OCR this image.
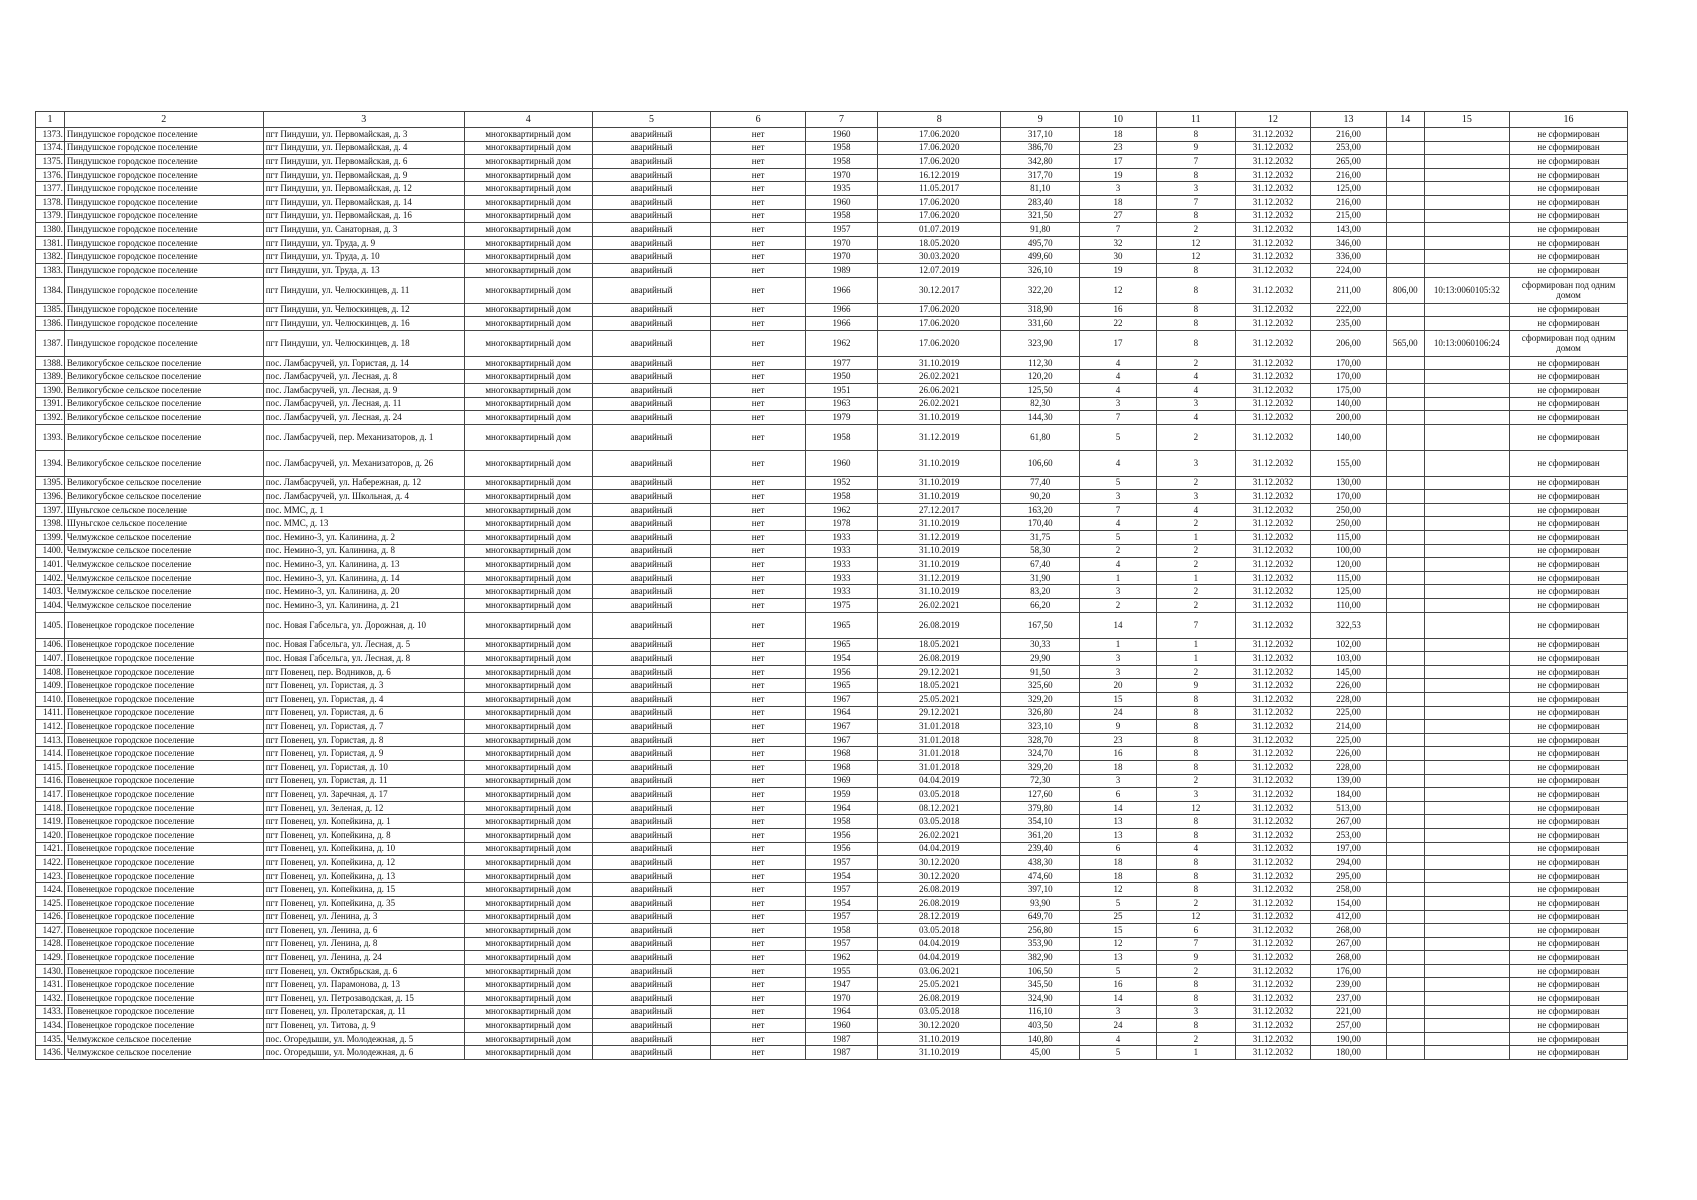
1	2	3	4	5	6	7	8	9	10	11	12	13	14	15	16
1373.	Пиндушское городское поселение	пгт Пиндуши, ул. Первомайская, д. 3	многоквартирный дом	аварийный	нет	1960	17.06.2020	317,10	18	8	31.12.2032	216,00			не сформирован
1374.	Пиндушское городское поселение	пгт Пиндуши, ул. Первомайская, д. 4	многоквартирный дом	аварийный	нет	1958	17.06.2020	386,70	23	9	31.12.2032	253,00			не сформирован
1375.	Пиндушское городское поселение	пгт Пиндуши, ул. Первомайская, д. 6	многоквартирный дом	аварийный	нет	1958	17.06.2020	342,80	17	7	31.12.2032	265,00			не сформирован
1376.	Пиндушское городское поселение	пгт Пиндуши, ул. Первомайская, д. 9	многоквартирный дом	аварийный	нет	1970	16.12.2019	317,70	19	8	31.12.2032	216,00			не сформирован
1377.	Пиндушское городское поселение	пгт Пиндуши, ул. Первомайская, д. 12	многоквартирный дом	аварийный	нет	1935	11.05.2017	81,10	3	3	31.12.2032	125,00			не сформирован
1378.	Пиндушское городское поселение	пгт Пиндуши, ул. Первомайская, д. 14	многоквартирный дом	аварийный	нет	1960	17.06.2020	283,40	18	7	31.12.2032	216,00			не сформирован
1379.	Пиндушское городское поселение	пгт Пиндуши, ул. Первомайская, д. 16	многоквартирный дом	аварийный	нет	1958	17.06.2020	321,50	27	8	31.12.2032	215,00			не сформирован
1380.	Пиндушское городское поселение	пгт Пиндуши, ул. Санаторная, д. 3	многоквартирный дом	аварийный	нет	1957	01.07.2019	91,80	7	2	31.12.2032	143,00			не сформирован
1381.	Пиндушское городское поселение	пгт Пиндуши, ул. Труда, д. 9	многоквартирный дом	аварийный	нет	1970	18.05.2020	495,70	32	12	31.12.2032	346,00			не сформирован
1382.	Пиндушское городское поселение	пгт Пиндуши, ул. Труда, д. 10	многоквартирный дом	аварийный	нет	1970	30.03.2020	499,60	30	12	31.12.2032	336,00			не сформирован
1383.	Пиндушское городское поселение	пгт Пиндуши, ул. Труда, д. 13	многоквартирный дом	аварийный	нет	1989	12.07.2019	326,10	19	8	31.12.2032	224,00			не сформирован
1384.	Пиндушское городское поселение	пгт Пиндуши, ул. Челюскинцев, д. 11	многоквартирный дом	аварийный	нет	1966	30.12.2017	322,20	12	8	31.12.2032	211,00	806,00	10:13:0060105:32	сформирован под одним домом
1385.	Пиндушское городское поселение	пгт Пиндуши, ул. Челюскинцев, д. 12	многоквартирный дом	аварийный	нет	1966	17.06.2020	318,90	16	8	31.12.2032	222,00			не сформирован
1386.	Пиндушское городское поселение	пгт Пиндуши, ул. Челюскинцев, д. 16	многоквартирный дом	аварийный	нет	1966	17.06.2020	331,60	22	8	31.12.2032	235,00			не сформирован
1387.	Пиндушское городское поселение	пгт Пиндуши, ул. Челюскинцев, д. 18	многоквартирный дом	аварийный	нет	1962	17.06.2020	323,90	17	8	31.12.2032	206,00	565,00	10:13:0060106:24	сформирован под одним домом
1388.	Великогубское сельское поселение	пос. Ламбасручей, ул. Гористая, д. 14	многоквартирный дом	аварийный	нет	1977	31.10.2019	112,30	4	2	31.12.2032	170,00			не сформирован
1389.	Великогубское сельское поселение	пос. Ламбасручей, ул. Лесная, д. 8	многоквартирный дом	аварийный	нет	1950	26.02.2021	120,20	4	4	31.12.2032	170,00			не сформирован
1390.	Великогубское сельское поселение	пос. Ламбасручей, ул. Лесная, д. 9	многоквартирный дом	аварийный	нет	1951	26.06.2021	125,50	4	4	31.12.2032	175,00			не сформирован
1391.	Великогубское сельское поселение	пос. Ламбасручей, ул. Лесная, д. 11	многоквартирный дом	аварийный	нет	1963	26.02.2021	82,30	3	3	31.12.2032	140,00			не сформирован
1392.	Великогубское сельское поселение	пос. Ламбасручей, ул. Лесная, д. 24	многоквартирный дом	аварийный	нет	1979	31.10.2019	144,30	7	4	31.12.2032	200,00			не сформирован
1393.	Великогубское сельское поселение	пос. Ламбасручей, пер. Механизаторов, д. 1	многоквартирный дом	аварийный	нет	1958	31.12.2019	61,80	5	2	31.12.2032	140,00			не сформирован
1394.	Великогубское сельское поселение	пос. Ламбасручей, ул. Механизаторов, д. 26	многоквартирный дом	аварийный	нет	1960	31.10.2019	106,60	4	3	31.12.2032	155,00			не сформирован
1395.	Великогубское сельское поселение	пос. Ламбасручей, ул. Набережная, д. 12	многоквартирный дом	аварийный	нет	1952	31.10.2019	77,40	5	2	31.12.2032	130,00			не сформирован
1396.	Великогубское сельское поселение	пос. Ламбасручей, ул. Школьная, д. 4	многоквартирный дом	аварийный	нет	1958	31.10.2019	90,20	3	3	31.12.2032	170,00			не сформирован
1397.	Шуньгское сельское поселение	пос. ММС, д. 1	многоквартирный дом	аварийный	нет	1962	27.12.2017	163,20	7	4	31.12.2032	250,00			не сформирован
1398.	Шуньгское сельское поселение	пос. ММС, д. 13	многоквартирный дом	аварийный	нет	1978	31.10.2019	170,40	4	2	31.12.2032	250,00			не сформирован
1399.	Челмужское сельское поселение	пос. Немино-3, ул. Калинина, д. 2	многоквартирный дом	аварийный	нет	1933	31.12.2019	31,75	5	1	31.12.2032	115,00			не сформирован
1400.	Челмужское сельское поселение	пос. Немино-3, ул. Калинина, д. 8	многоквартирный дом	аварийный	нет	1933	31.10.2019	58,30	2	2	31.12.2032	100,00			не сформирован
1401.	Челмужское сельское поселение	пос. Немино-3, ул. Калинина, д. 13	многоквартирный дом	аварийный	нет	1933	31.10.2019	67,40	4	2	31.12.2032	120,00			не сформирован
1402.	Челмужское сельское поселение	пос. Немино-3, ул. Калинина, д. 14	многоквартирный дом	аварийный	нет	1933	31.12.2019	31,90	1	1	31.12.2032	115,00			не сформирован
1403.	Челмужское сельское поселение	пос. Немино-3, ул. Калинина, д. 20	многоквартирный дом	аварийный	нет	1933	31.10.2019	83,20	3	2	31.12.2032	125,00			не сформирован
1404.	Челмужское сельское поселение	пос. Немино-3, ул. Калинина, д. 21	многоквартирный дом	аварийный	нет	1975	26.02.2021	66,20	2	2	31.12.2032	110,00			не сформирован
1405.	Повенецкое городское поселение	пос. Новая Габсельга, ул. Дорожная, д. 10	многоквартирный дом	аварийный	нет	1965	26.08.2019	167,50	14	7	31.12.2032	322,53			не сформирован
1406.	Повенецкое городское поселение	пос. Новая Габсельга, ул. Лесная, д. 5	многоквартирный дом	аварийный	нет	1965	18.05.2021	30,33	1	1	31.12.2032	102,00			не сформирован
1407.	Повенецкое городское поселение	пос. Новая Габсельга, ул. Лесная, д. 8	многоквартирный дом	аварийный	нет	1954	26.08.2019	29,90	3	1	31.12.2032	103,00			не сформирован
1408.	Повенецкое городское поселение	пгт Повенец, пер. Водников, д. 6	многоквартирный дом	аварийный	нет	1956	29.12.2021	91,50	3	2	31.12.2032	145,00			не сформирован
1409.	Повенецкое городское поселение	пгт Повенец, ул. Гористая, д. 3	многоквартирный дом	аварийный	нет	1965	18.05.2021	325,60	20	9	31.12.2032	226,00			не сформирован
1410.	Повенецкое городское поселение	пгт Повенец, ул. Гористая, д. 4	многоквартирный дом	аварийный	нет	1967	25.05.2021	329,20	15	8	31.12.2032	228,00			не сформирован
1411.	Повенецкое городское поселение	пгт Повенец, ул. Гористая, д. 6	многоквартирный дом	аварийный	нет	1964	29.12.2021	326,80	24	8	31.12.2032	225,00			не сформирован
1412.	Повенецкое городское поселение	пгт Повенец, ул. Гористая, д. 7	многоквартирный дом	аварийный	нет	1967	31.01.2018	323,10	9	8	31.12.2032	214,00			не сформирован
1413.	Повенецкое городское поселение	пгт Повенец, ул. Гористая, д. 8	многоквартирный дом	аварийный	нет	1967	31.01.2018	328,70	23	8	31.12.2032	225,00			не сформирован
1414.	Повенецкое городское поселение	пгт Повенец, ул. Гористая, д. 9	многоквартирный дом	аварийный	нет	1968	31.01.2018	324,70	16	8	31.12.2032	226,00			не сформирован
1415.	Повенецкое городское поселение	пгт Повенец, ул. Гористая, д. 10	многоквартирный дом	аварийный	нет	1968	31.01.2018	329,20	18	8	31.12.2032	228,00			не сформирован
1416.	Повенецкое городское поселение	пгт Повенец, ул. Гористая, д. 11	многоквартирный дом	аварийный	нет	1969	04.04.2019	72,30	3	2	31.12.2032	139,00			не сформирован
1417.	Повенецкое городское поселение	пгт Повенец, ул. Заречная, д. 17	многоквартирный дом	аварийный	нет	1959	03.05.2018	127,60	6	3	31.12.2032	184,00			не сформирован
1418.	Повенецкое городское поселение	пгт Повенец, ул. Зеленая, д. 12	многоквартирный дом	аварийный	нет	1964	08.12.2021	379,80	14	12	31.12.2032	513,00			не сформирован
1419.	Повенецкое городское поселение	пгт Повенец, ул. Копейкина, д. 1	многоквартирный дом	аварийный	нет	1958	03.05.2018	354,10	13	8	31.12.2032	267,00			не сформирован
1420.	Повенецкое городское поселение	пгт Повенец, ул. Копейкина, д. 8	многоквартирный дом	аварийный	нет	1956	26.02.2021	361,20	13	8	31.12.2032	253,00			не сформирован
1421.	Повенецкое городское поселение	пгт Повенец, ул. Копейкина, д. 10	многоквартирный дом	аварийный	нет	1956	04.04.2019	239,40	6	4	31.12.2032	197,00			не сформирован
1422.	Повенецкое городское поселение	пгт Повенец, ул. Копейкина, д. 12	многоквартирный дом	аварийный	нет	1957	30.12.2020	438,30	18	8	31.12.2032	294,00			не сформирован
1423.	Повенецкое городское поселение	пгт Повенец, ул. Копейкина, д. 13	многоквартирный дом	аварийный	нет	1954	30.12.2020	474,60	18	8	31.12.2032	295,00			не сформирован
1424.	Повенецкое городское поселение	пгт Повенец, ул. Копейкина, д. 15	многоквартирный дом	аварийный	нет	1957	26.08.2019	397,10	12	8	31.12.2032	258,00			не сформирован
1425.	Повенецкое городское поселение	пгт Повенец, ул. Копейкина, д. 35	многоквартирный дом	аварийный	нет	1954	26.08.2019	93,90	5	2	31.12.2032	154,00			не сформирован
1426.	Повенецкое городское поселение	пгт Повенец, ул. Ленина, д. 3	многоквартирный дом	аварийный	нет	1957	28.12.2019	649,70	25	12	31.12.2032	412,00			не сформирован
1427.	Повенецкое городское поселение	пгт Повенец, ул. Ленина, д. 6	многоквартирный дом	аварийный	нет	1958	03.05.2018	256,80	15	6	31.12.2032	268,00			не сформирован
1428.	Повенецкое городское поселение	пгт Повенец, ул. Ленина, д. 8	многоквартирный дом	аварийный	нет	1957	04.04.2019	353,90	12	7	31.12.2032	267,00			не сформирован
1429.	Повенецкое городское поселение	пгт Повенец, ул. Ленина, д. 24	многоквартирный дом	аварийный	нет	1962	04.04.2019	382,90	13	9	31.12.2032	268,00			не сформирован
1430.	Повенецкое городское поселение	пгт Повенец, ул. Октябрьская, д. 6	многоквартирный дом	аварийный	нет	1955	03.06.2021	106,50	5	2	31.12.2032	176,00			не сформирован
1431.	Повенецкое городское поселение	пгт Повенец, ул. Парамонова, д. 13	многоквартирный дом	аварийный	нет	1947	25.05.2021	345,50	16	8	31.12.2032	239,00			не сформирован
1432.	Повенецкое городское поселение	пгт Повенец, ул. Петрозаводская, д. 15	многоквартирный дом	аварийный	нет	1970	26.08.2019	324,90	14	8	31.12.2032	237,00			не сформирован
1433.	Повенецкое городское поселение	пгт Повенец, ул. Пролетарская, д. 11	многоквартирный дом	аварийный	нет	1964	03.05.2018	116,10	3	3	31.12.2032	221,00			не сформирован
1434.	Повенецкое городское поселение	пгт Повенец, ул. Титова, д. 9	многоквартирный дом	аварийный	нет	1960	30.12.2020	403,50	24	8	31.12.2032	257,00			не сформирован
1435.	Челмужское сельское поселение	пос. Огоредыши, ул. Молодежная, д. 5	многоквартирный дом	аварийный	нет	1987	31.10.2019	140,80	4	2	31.12.2032	190,00			не сформирован
1436.	Челмужское сельское поселение	пос. Огоредыши, ул. Молодежная, д. 6	многоквартирный дом	аварийный	нет	1987	31.10.2019	45,00	5	1	31.12.2032	180,00			не сформирован
